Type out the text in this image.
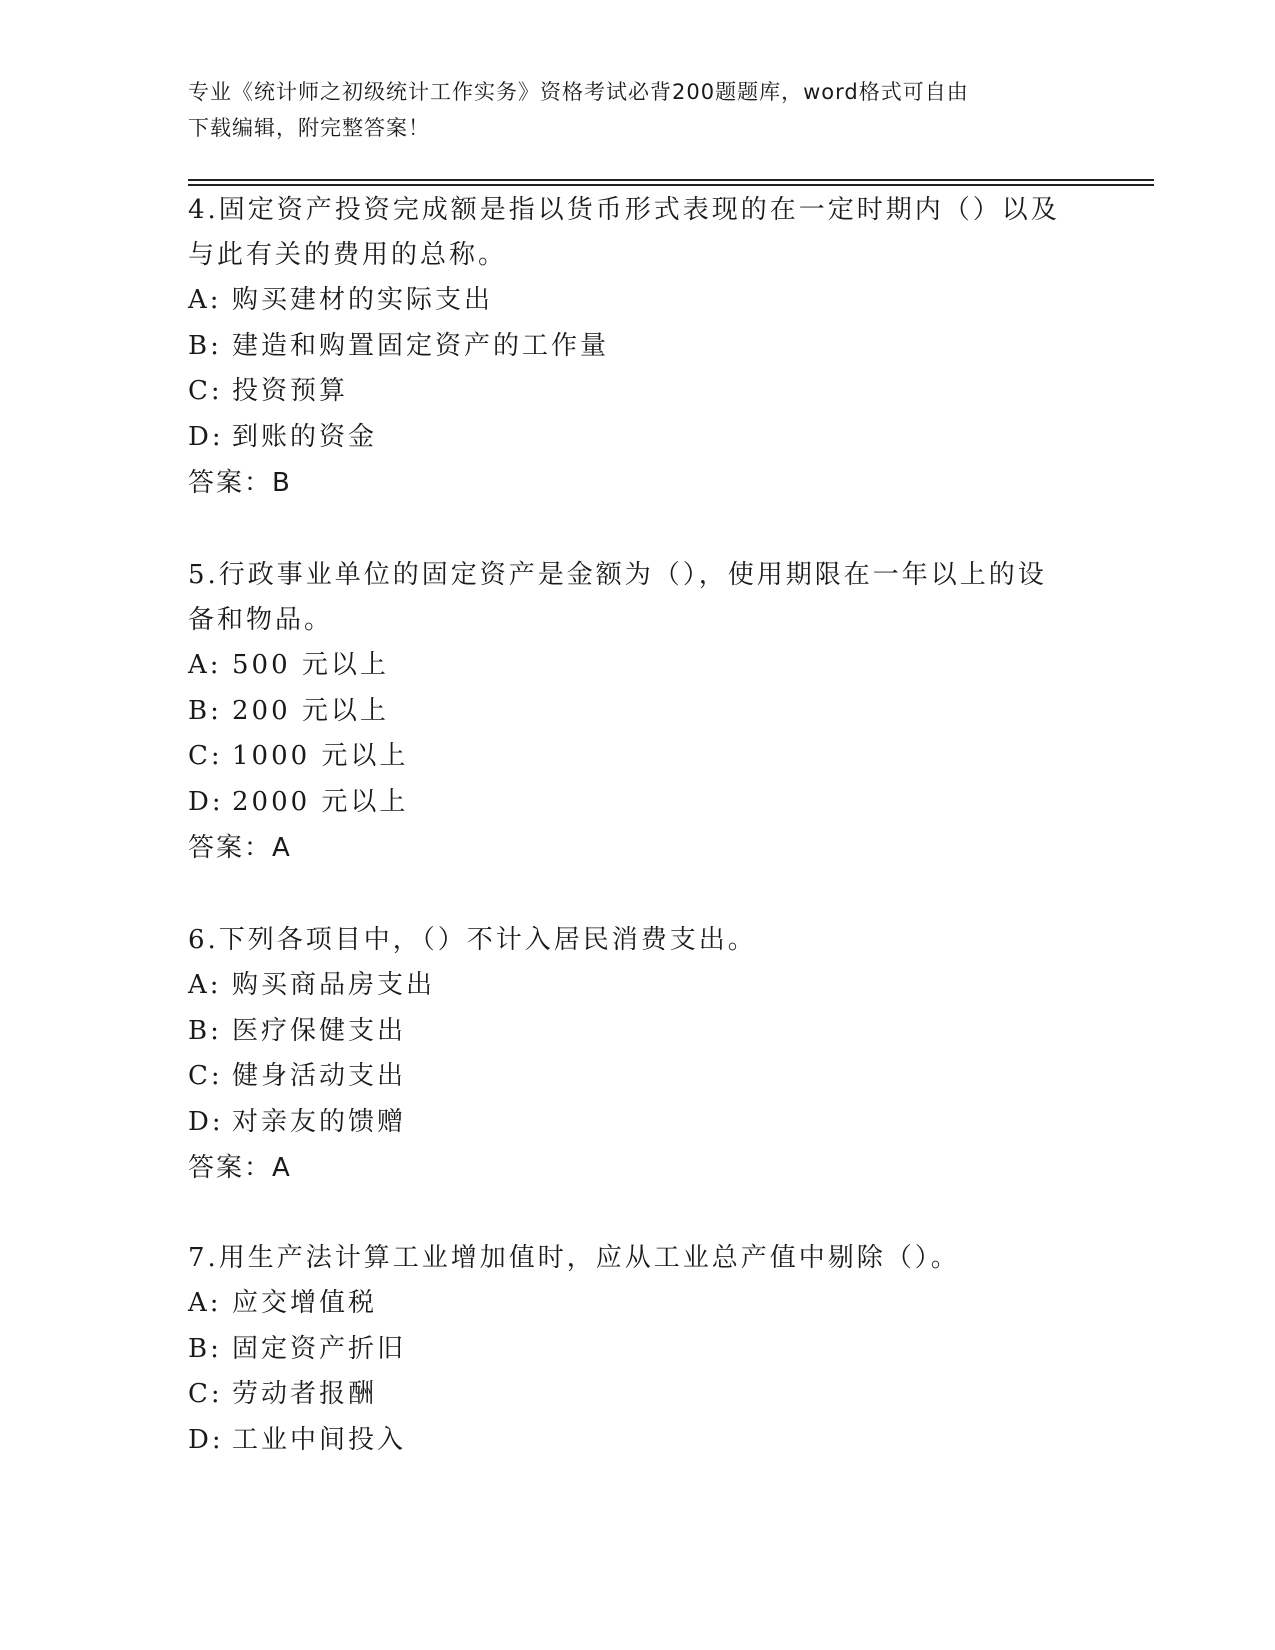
专业《统计师之初级统计工作实务》资格考试必背200题题库，word格式可自由
下载编辑，附完整答案！

4.固定资产投资完成额是指以货币形式表现的在一定时期内（）以及

与此有关的费用的总称。

A: 购买建材的实际支出

B: 建造和购置固定资产的工作量

C: 投资预算

D: 到账的资金

答案：B

5.行政事业单位的固定资产是金额为（），使用期限在一年以上的设

备和物品。

A: 500 元以上

B: 200 元以上

C: 1000 元以上

D: 2000 元以上

答案：A

6.下列各项目中，（）不计入居民消费支出。

A: 购买商品房支出

B: 医疗保健支出

C: 健身活动支出

D: 对亲友的馈赠

答案：A

7.用生产法计算工业增加值时，应从工业总产值中剔除（）。

A: 应交增值税

B: 固定资产折旧

C: 劳动者报酬

D: 工业中间投入
